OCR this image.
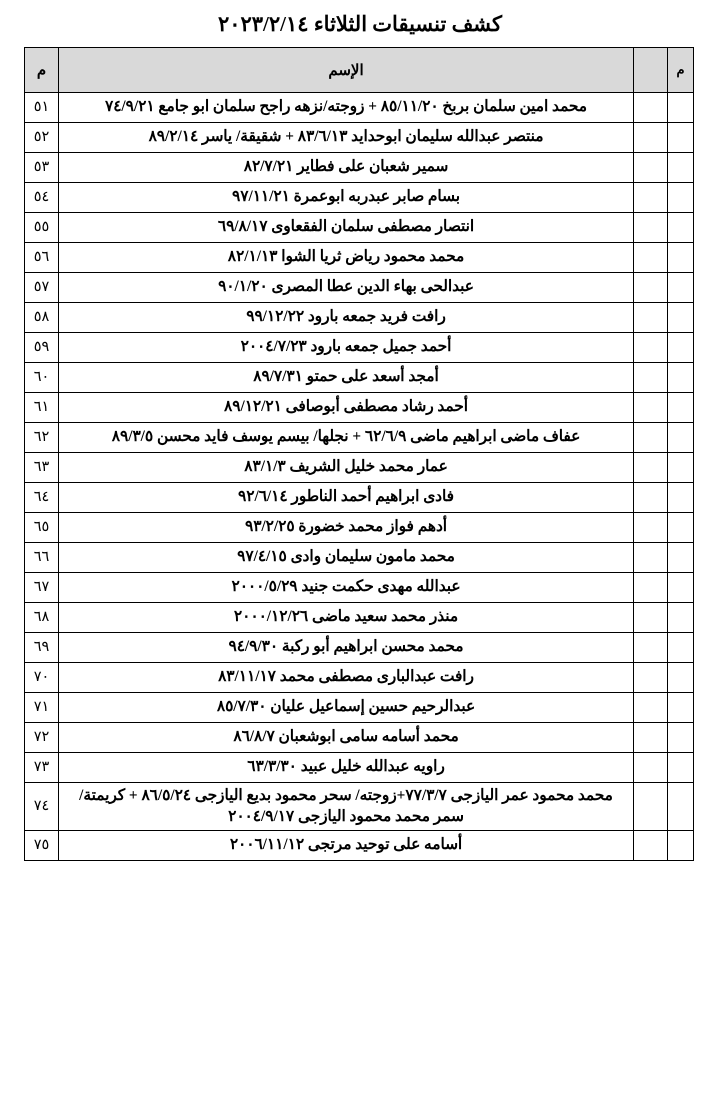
كشف تنسيقات الثلاثاء ٢٠٢٣/٢/١٤
م		الإسم	م
		محمد امين سلمان بربخ ٨٥/١١/٢٠ + زوجته/نزهه راجح سلمان ابو جامع ٧٤/٩/٢١	٥١
		منتصر عبدالله سليمان ابوحداید ٨٣/٦/١٣ + شقيقة/ ياسر ٨٩/٢/١٤	٥٢
		سمير شعبان على فطاير ٨٢/٧/٢١	٥٣
		بسام صابر عبدربه ابوعمرة ٩٧/١١/٢١	٥٤
		انتصار مصطفى سلمان الفقعاوى ٦٩/٨/١٧	٥٥
		محمد محمود رياض ثريا الشوا ٨٢/١/١٣	٥٦
		عبدالحى بهاء الدين عطا المصرى ٩٠/١/٢٠	٥٧
		رافت فريد جمعه بارود ٩٩/١٢/٢٢	٥٨
		أحمد جميل جمعه بارود ٢٠٠٤/٧/٢٣	٥٩
		أمجد أسعد على حمتو ٨٩/٧/٣١	٦٠
		أحمد رشاد مصطفى أبوصافى ٨٩/١٢/٢١	٦١
		عفاف ماضى ابراهيم ماضى ٦٢/٦/٩ + نجلها/ بيسم يوسف فايد محسن ٨٩/٣/٥	٦٢
		عمار محمد خليل الشريف ٨٣/١/٣	٦٣
		فادى ابراهيم أحمد الناطور ٩٢/٦/١٤	٦٤
		أدهم فواز محمد خضورة ٩٣/٢/٢٥	٦٥
		محمد مامون سليمان وادى ٩٧/٤/١٥	٦٦
		عبدالله مهدى حكمت جنيد ٢٠٠٠/٥/٢٩	٦٧
		منذر محمد سعيد ماضى ٢٠٠٠/١٢/٢٦	٦٨
		محمد محسن ابراهيم أبو ركبة ٩٤/٩/٣٠	٦٩
		رافت عبدالبارى مصطفى محمد ٨٣/١١/١٧	٧٠
		عبدالرحيم حسين إسماعيل عليان ٨٥/٧/٣٠	٧١
		محمد أسامه سامى ابوشعبان ٨٦/٨/٧	٧٢
		راويه عبدالله خليل عبيد ٦٣/٣/٣٠	٧٣
		محمد محمود عمر اليازجى ٧٧/٣/٧+زوجته/ سحر محمود بديع اليازجى ٨٦/٥/٢٤ + كريمتة/ سمر محمد محمود اليازجى ٢٠٠٤/٩/١٧	٧٤
		أسامه على توحيد مرتجى ٢٠٠٦/١١/١٢	٧٥
